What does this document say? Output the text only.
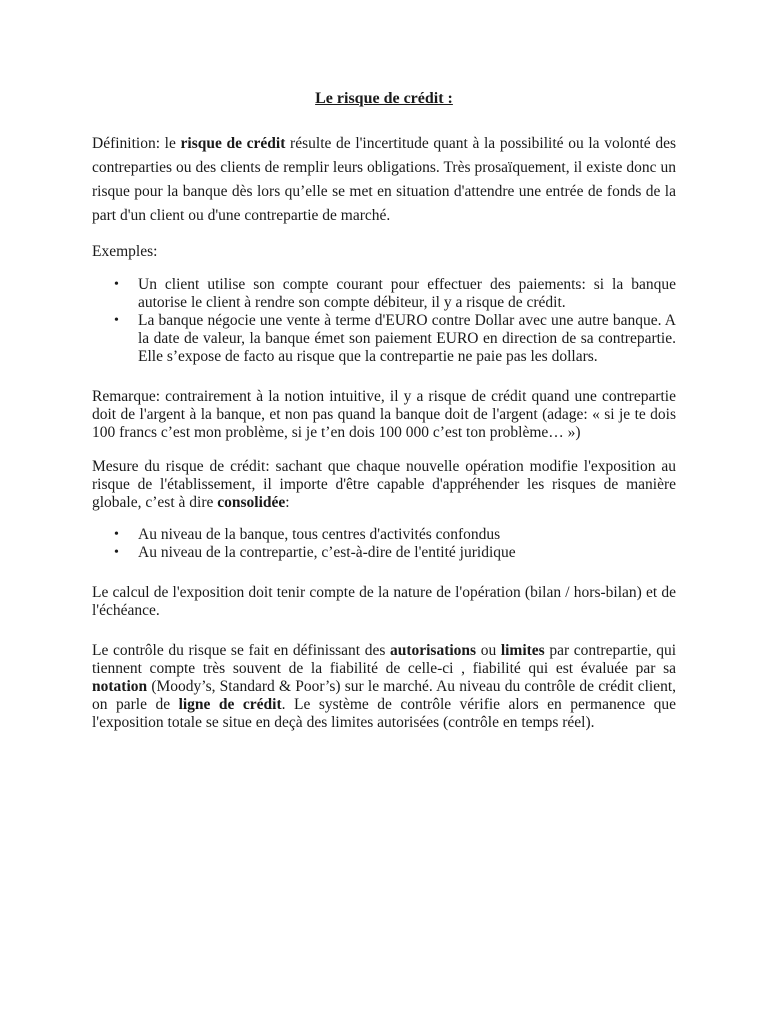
Le risque de crédit :

Définition: le risque de crédit résulte de l'incertitude quant à la possibilité ou la volonté des contreparties ou des clients de remplir leurs obligations. Très prosaïquement, il existe donc un risque pour la banque dès lors qu’elle se met en situation d'attendre une entrée de fonds de la part d'un client ou d'une contrepartie de marché.

Exemples:

• Un client utilise son compte courant pour effectuer des paiements: si la banque autorise le client à rendre son compte débiteur, il y a risque de crédit.
• La banque négocie une vente à terme d'EURO contre Dollar avec une autre banque. A la date de valeur, la banque émet son paiement EURO en direction de sa contrepartie. Elle s’expose de facto au risque que la contrepartie ne paie pas les dollars.

Remarque: contrairement à la notion intuitive, il y a risque de crédit quand une contrepartie doit de l'argent à la banque, et non pas quand la banque doit de l'argent (adage: « si je te dois 100 francs c’est mon problème, si je t’en dois 100 000 c’est ton problème… »)

Mesure du risque de crédit: sachant que chaque nouvelle opération modifie l'exposition au risque de l'établissement, il importe d'être capable d'appréhender les risques de manière globale, c’est à dire consolidée:

• Au niveau de la banque, tous centres d'activités confondus
• Au niveau de la contrepartie, c’est-à-dire de l'entité juridique

Le calcul de l'exposition doit tenir compte de la nature de l'opération (bilan / hors-bilan) et de l'échéance.

Le contrôle du risque se fait en définissant des autorisations ou limites par contrepartie, qui tiennent compte très souvent de la fiabilité de celle-ci , fiabilité qui est évaluée par sa notation (Moody’s, Standard & Poor’s) sur le marché. Au niveau du contrôle de crédit client, on parle de ligne de crédit. Le système de contrôle vérifie alors en permanence que l'exposition totale se situe en deçà des limites autorisées (contrôle en temps réel).
